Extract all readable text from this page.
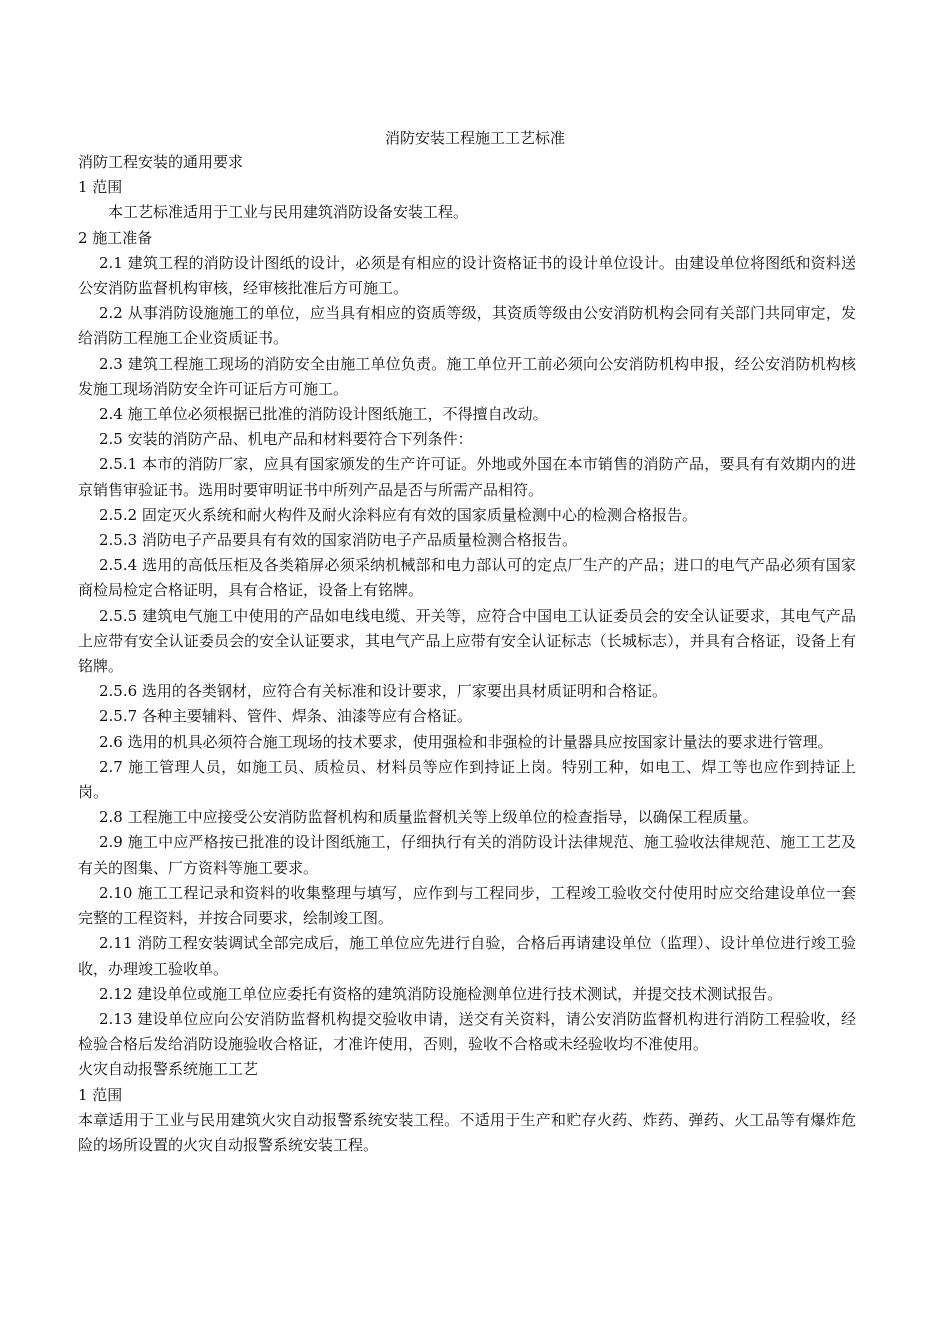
消防安装工程施工工艺标准

消防工程安装的通用要求

1 范围

本工艺标准适用于工业与民用建筑消防设备安装工程。

2 施工准备

2.1 建筑工程的消防设计图纸的设计，必须是有相应的设计资格证书的设计单位设计。由建设单位将图纸和资料送公安消防监督机构审核，经审核批准后方可施工。

2.2 从事消防设施施工的单位，应当具有相应的资质等级，其资质等级由公安消防机构会同有关部门共同审定，发给消防工程施工企业资质证书。

2.3 建筑工程施工现场的消防安全由施工单位负责。施工单位开工前必须向公安消防机构申报，经公安消防机构核发施工现场消防安全许可证后方可施工。

2.4 施工单位必须根据已批准的消防设计图纸施工，不得擅自改动。

2.5 安装的消防产品、机电产品和材料要符合下列条件：

2.5.1 本市的消防厂家，应具有国家颁发的生产许可证。外地或外国在本市销售的消防产品，要具有有效期内的进京销售审验证书。选用时要审明证书中所列产品是否与所需产品相符。

2.5.2 固定灭火系统和耐火构件及耐火涂料应有有效的国家质量检测中心的检测合格报告。

2.5.3 消防电子产品要具有有效的国家消防电子产品质量检测合格报告。

2.5.4 选用的高低压柜及各类箱屏必须采纳机械部和电力部认可的定点厂生产的产品；进口的电气产品必须有国家商检局检定合格证明，具有合格证，设备上有铭牌。

2.5.5 建筑电气施工中使用的产品如电线电缆、开关等，应符合中国电工认证委员会的安全认证要求，其电气产品上应带有安全认证委员会的安全认证要求，其电气产品上应带有安全认证标志（长城标志），并具有合格证，设备上有铭牌。

2.5.6 选用的各类钢材，应符合有关标准和设计要求，厂家要出具材质证明和合格证。

2.5.7 各种主要辅料、管件、焊条、油漆等应有合格证。

2.6 选用的机具必须符合施工现场的技术要求，使用强检和非强检的计量器具应按国家计量法的要求进行管理。

2.7 施工管理人员，如施工员、质检员、材料员等应作到持证上岗。特别工种，如电工、焊工等也应作到持证上岗。

2.8 工程施工中应接受公安消防监督机构和质量监督机关等上级单位的检查指导，以确保工程质量。

2.9 施工中应严格按已批准的设计图纸施工，仔细执行有关的消防设计法律规范、施工验收法律规范、施工工艺及有关的图集、厂方资料等施工要求。

2.10 施工工程记录和资料的收集整理与填写，应作到与工程同步，工程竣工验收交付使用时应交给建设单位一套完整的工程资料，并按合同要求，绘制竣工图。

2.11 消防工程安装调试全部完成后，施工单位应先进行自验，合格后再请建设单位（监理）、设计单位进行竣工验收，办理竣工验收单。

2.12 建设单位或施工单位应委托有资格的建筑消防设施检测单位进行技术测试，并提交技术测试报告。

2.13 建设单位应向公安消防监督机构提交验收申请，送交有关资料，请公安消防监督机构进行消防工程验收，经检验合格后发给消防设施验收合格证，才准许使用，否则，验收不合格或未经验收均不准使用。

火灾自动报警系统施工工艺

1 范围

本章适用于工业与民用建筑火灾自动报警系统安装工程。不适用于生产和贮存火药、炸药、弹药、火工品等有爆炸危险的场所设置的火灾自动报警系统安装工程。
